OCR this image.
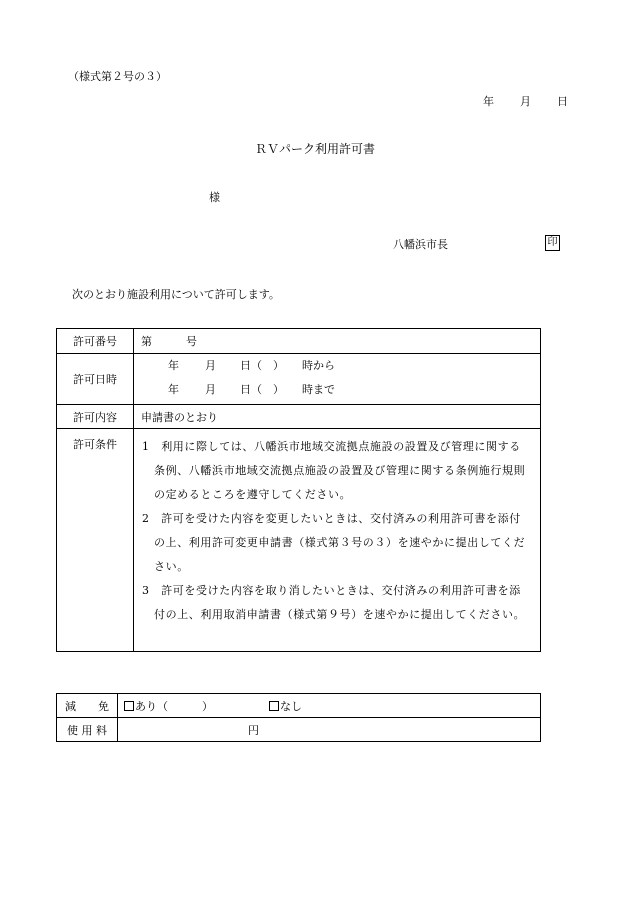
（様式第２号の３）
年 月 日
ＲＶパーク利用許可書
様
八幡浜市長	印
次のとおり施設利用について許可します。
許可番号	第 号
許可日時	年 月 日（　） 時から
年 月 日（　） 時まで

許可内容	申請書のとおり
許可条件	1　利用に際しては、八幡浜市地域交流拠点施設の設置及び管理に関する条例、八幡浜市地域交流拠点施設の設置及び管理に関する条例施行規則の定めるところを遵守してください。

2　許可を受けた内容を変更したいときは、交付済みの利用許可書を添付の上、利用許可変更申請書（様式第３号の３）を速やかに提出してください。

3　許可を受けた内容を取り消したいときは、交付済みの利用許可書を添付の上、利用取消申請書（様式第９号）を速やかに提出してください。

減　　免	あり（ ） なし
使 用 料	円
